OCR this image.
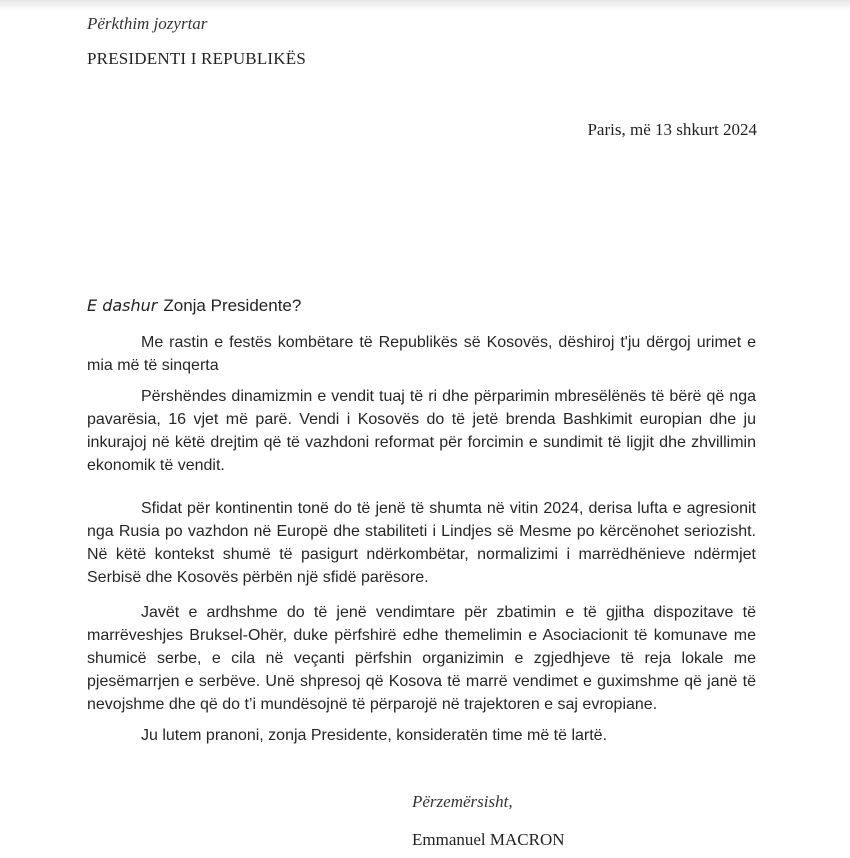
Përkthim jozyrtar
PRESIDENTI I REPUBLIKËS
Paris, më 13 shkurt 2024
E dashur Zonja Presidente?

Me rastin e festës kombëtare të Republikës së Kosovës, dëshiroj t'ju dërgoj urimet e mia më të sinqerta

Përshëndes dinamizmin e vendit tuaj të ri dhe përparimin mbresëlënës të bërë që nga pavarësia, 16 vjet më parë. Vendi i Kosovës do të jetë brenda Bashkimit europian dhe ju inkurajoj në këtë drejtim që të vazhdoni reformat për forcimin e sundimit të ligjit dhe zhvillimin ekonomik të vendit.

Sfidat për kontinentin tonë do të jenë të shumta në vitin 2024, derisa lufta e agresionit nga Rusia po vazhdon në Europë dhe stabiliteti i Lindjes së Mesme po kërcënohet seriozisht. Në këtë kontekst shumë të pasigurt ndërkombëtar, normalizimi i marrëdhënieve ndërmjet Serbisë dhe Kosovës përbën një sfidë parësore.

Javët e ardhshme do të jenë vendimtare për zbatimin e të gjitha dispozitave të marrëveshjes Bruksel-Ohër, duke përfshirë edhe themelimin e Asociacionit të komunave me shumicë serbe, e cila në veçanti përfshin organizimin e zgjedhjeve të reja lokale me pjesëmarrjen e serbëve. Unë shpresoj që Kosova të marrë vendimet e guximshme që janë të nevojshme dhe që do t’i mundësojnë të përparojë në trajektoren e saj evropiane.

Ju lutem pranoni, zonja Presidente, konsideratën time më të lartë.

Përzemërsisht,
Emmanuel MACRON
